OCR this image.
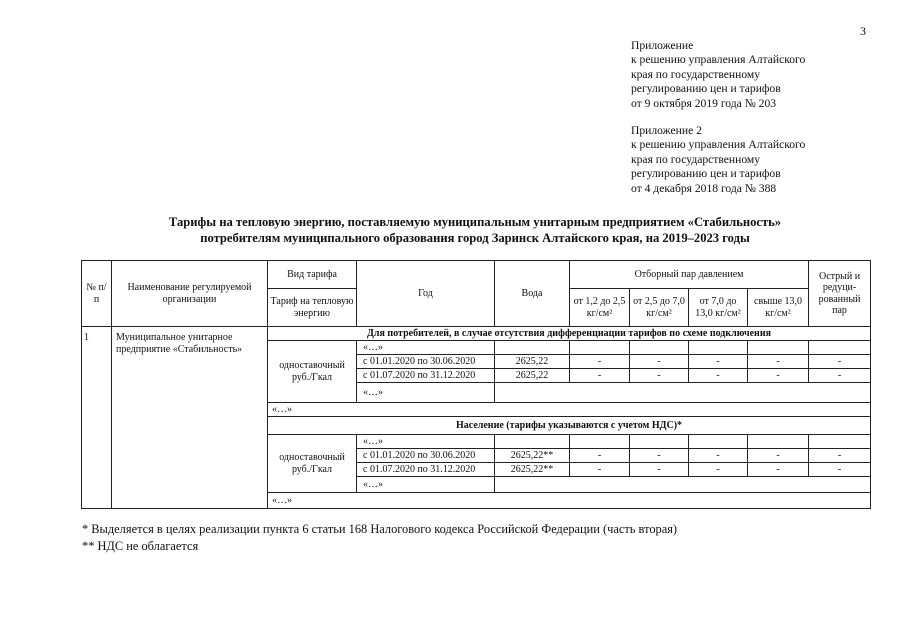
3
Приложение
к решению управления Алтайского
края по государственному
регулированию цен и тарифов
от 9 октября 2019 года № 203
Приложение 2
к решению управления Алтайского
края по государственному
регулированию цен и тарифов
от 4 декабря 2018 года № 388
Тарифы на тепловую энергию, поставляемую муниципальным унитарным предприятием «Стабильность»
потребителям муниципального образования город Заринск Алтайского края, на 2019–2023 годы
№ п/п	Наименование регулируемой организации	Вид тарифа	Год	Вода	Отборный пар давлением				Острый и редуци-рованный пар
		Тариф на тепловую энергию			от 1,2 до 2,5 кг/см²	от 2,5 до 7,0 кг/см²	от 7,0 до 13,0 кг/см²	свыше 13,0 кг/см²	
1	Муниципальное унитарное предприятие «Стабильность»	Для потребителей, в случае отсутствия дифференциации тарифов по схеме подключения							
		одноставочный руб./Гкал	«…»						
			с 01.01.2020 по 30.06.2020	2625,22	-	-	-	-	-
			с 01.07.2020 по 31.12.2020	2625,22	-	-	-	-	-
			«…»						
		«…»							
		Население (тарифы указываются с учетом НДС)*							
		одноставочный руб./Гкал	«…»						
			с 01.01.2020 по 30.06.2020	2625,22**	-	-	-	-	-
			с 01.07.2020 по 31.12.2020	2625,22**	-	-	-	-	-
			«…»						
		«…»							
* Выделяется в целях реализации пункта 6 статьи 168 Налогового кодекса Российской Федерации (часть вторая)
** НДС не облагается
